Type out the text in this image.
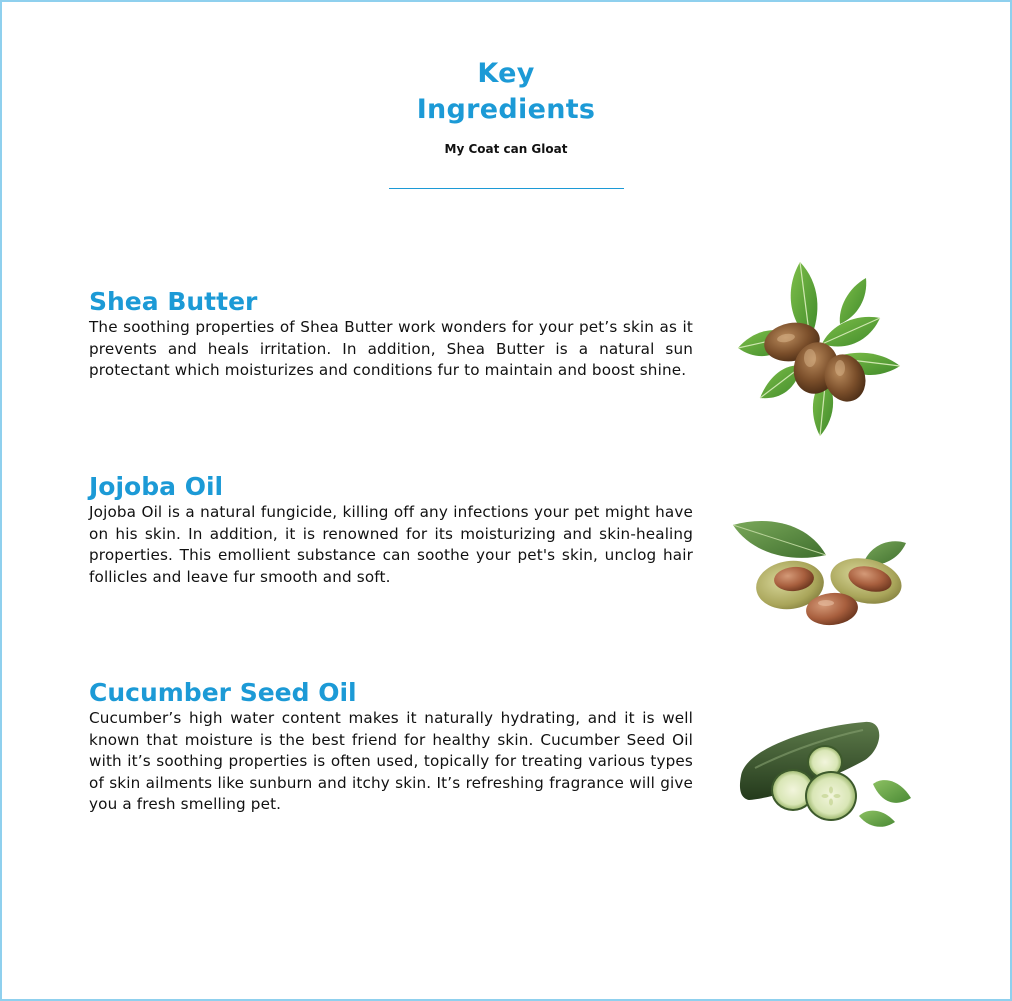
Key Ingredients
My Coat can Gloat
Shea Butter

The soothing properties of Shea Butter work wonders for your pet’s skin as it prevents and heals irritation. In addition, Shea Butter is a natural sun protectant which moisturizes and conditions fur to maintain and boost shine.

Jojoba Oil

Jojoba Oil is a natural fungicide, killing off any infections your pet might have on his skin. In addition, it is renowned for its moisturizing and skin-healing properties. This emollient substance can soothe your pet's skin, unclog hair follicles and leave fur smooth and soft.

Cucumber Seed Oil

Cucumber’s high water content makes it naturally hydrating, and it is well known that moisture is the best friend for healthy skin. Cucumber Seed Oil with it’s soothing properties is often used, topically for treating various types of skin ailments like sunburn and itchy skin. It’s refreshing fragrance will give you a fresh smelling pet.
